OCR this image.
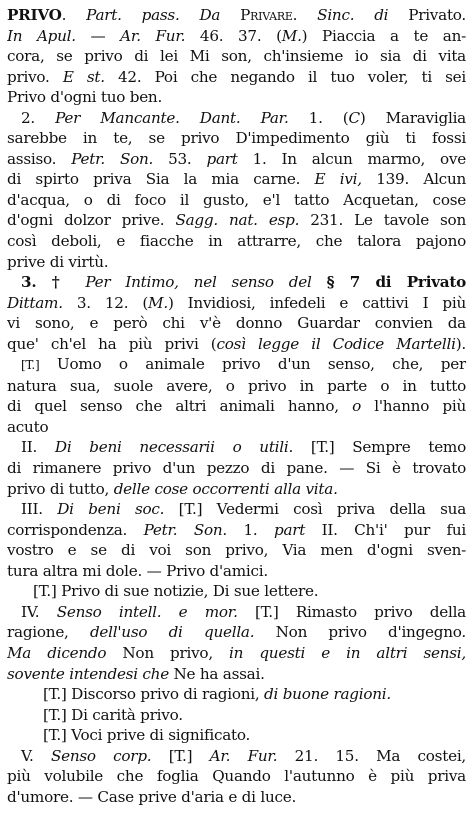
PRIVO. Part. pass. Da Privare. Sinc. di Privato.
In Apul. — Ar. Fur. 46. 37. (M.) Piaccia a te an-
cora, se privo di lei Mi son, ch'insieme io sia di vita
privo. E st. 42. Poi che negando il tuo voler, ti sei
Privo d'ogni tuo ben.
2. Per Mancante. Dant. Par. 1. (C) Maraviglia
sarebbe in te, se privo D'impedimento giù ti fossi
assiso. Petr. Son. 53. part 1. In alcun marmo, ove
di spirto priva Sia la mia carne. E ivi, 139. Alcun
d'acqua, o di foco il gusto, e'l tatto Acquetan, cose
d'ogni dolzor prive. Sagg. nat. esp. 231. Le tavole son
così deboli, e fiacche in attrarre, che talora pajono
prive di virtù.
3. † Per Intimo, nel senso del § 7 di Privato
Dittam. 3. 12. (M.) Invidiosi, infedeli e cattivi I più
vi sono, e però chi v'è donno Guardar convien da
que' ch'el ha più privi (così legge il Codice Martelli).
[T.] Uomo o animale privo d'un senso, che, per
natura sua, suole avere, o privo in parte o in tutto
di quel senso che altri animali hanno, o l'hanno più
acuto
II. Di beni necessarii o utili. [T.] Sempre temo
di rimanere privo d'un pezzo di pane. — Si è trovato
privo di tutto, delle cose occorrenti alla vita.
III. Di beni soc. [T.] Vedermi così priva della sua
corrispondenza. Petr. Son. 1. part II. Ch'i' pur fui
vostro e se di voi son privo, Via men d'ogni sven-
tura altra mi dole. — Privo d'amici.
[T.] Privo di sue notizie, Di sue lettere.
IV. Senso intell. e mor. [T.] Rimasto privo della
ragione, dell'uso di quella. Non privo d'ingegno.
Ma dicendo Non privo, in questi e in altri sensi,
sovente intendesi che Ne ha assai.
[T.] Discorso privo di ragioni, di buone ragioni.
[T.] Di carità privo.
[T.] Voci prive di significato.
V. Senso corp. [T.] Ar. Fur. 21. 15. Ma costei,
più volubile che foglia Quando l'autunno è più priva
d'umore. — Case prive d'aria e di luce.
